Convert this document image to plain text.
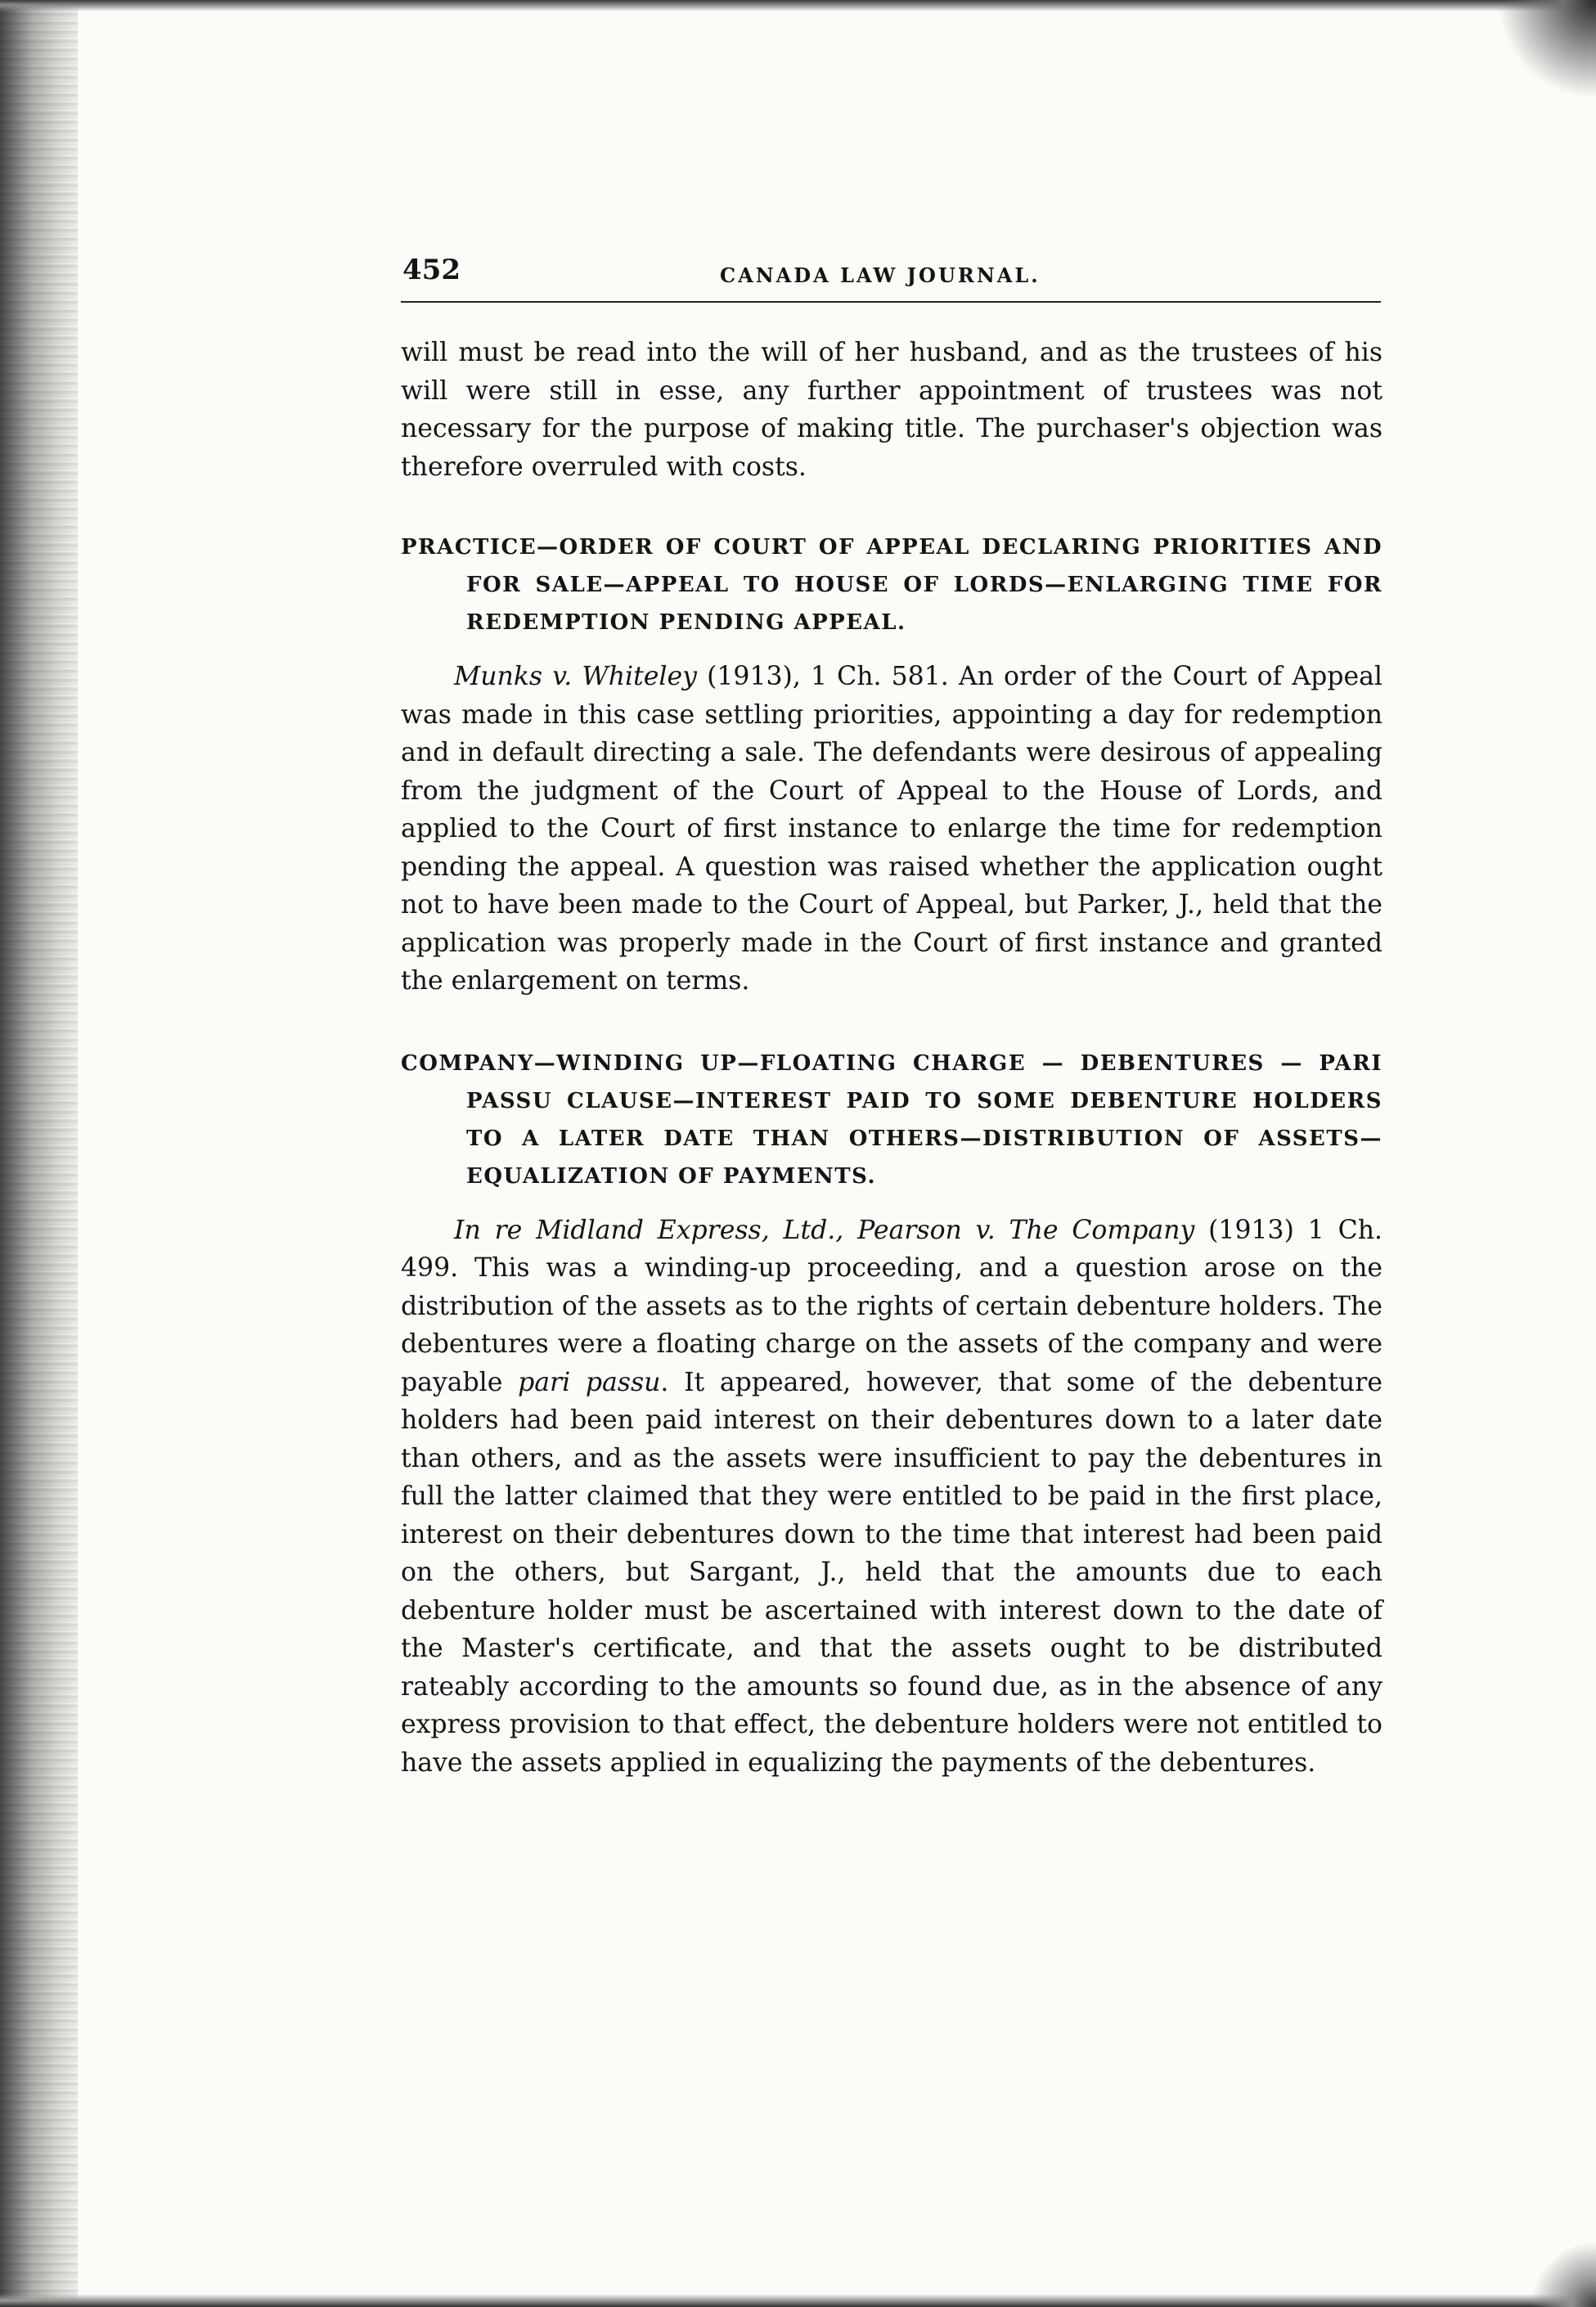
452	CANADA LAW JOURNAL.

will must be read into the will of her husband, and as the trustees of his will were still in esse, any further appointment of trustees was not necessary for the purpose of making title. The purchaser's objection was therefore overruled with costs.

PRACTICE—ORDER OF COURT OF APPEAL DECLARING PRIORITIES AND FOR SALE—APPEAL TO HOUSE OF LORDS—ENLARGING TIME FOR REDEMPTION PENDING APPEAL.

Munks v. Whiteley (1913), 1 Ch. 581. An order of the Court of Appeal was made in this case settling priorities, appointing a day for redemption and in default directing a sale. The defendants were desirous of appealing from the judgment of the Court of Appeal to the House of Lords, and applied to the Court of first instance to enlarge the time for redemption pending the appeal. A question was raised whether the application ought not to have been made to the Court of Appeal, but Parker, J., held that the application was properly made in the Court of first instance and granted the enlargement on terms.

COMPANY—WINDING UP—FLOATING CHARGE — DEBENTURES — PARI PASSU CLAUSE—INTEREST PAID TO SOME DEBENTURE HOLDERS TO A LATER DATE THAN OTHERS—DISTRIBUTION OF ASSETS—EQUALIZATION OF PAYMENTS.

In re Midland Express, Ltd., Pearson v. The Company (1913) 1 Ch. 499. This was a winding-up proceeding, and a question arose on the distribution of the assets as to the rights of certain debenture holders. The debentures were a floating charge on the assets of the company and were payable pari passu. It appeared, however, that some of the debenture holders had been paid interest on their debentures down to a later date than others, and as the assets were insufficient to pay the debentures in full the latter claimed that they were entitled to be paid in the first place, interest on their debentures down to the time that interest had been paid on the others, but Sargant, J., held that the amounts due to each debenture holder must be ascertained with interest down to the date of the Master's certificate, and that the assets ought to be distributed rateably according to the amounts so found due, as in the absence of any express provision to that effect, the debenture holders were not entitled to have the assets applied in equalizing the payments of the debentures.
